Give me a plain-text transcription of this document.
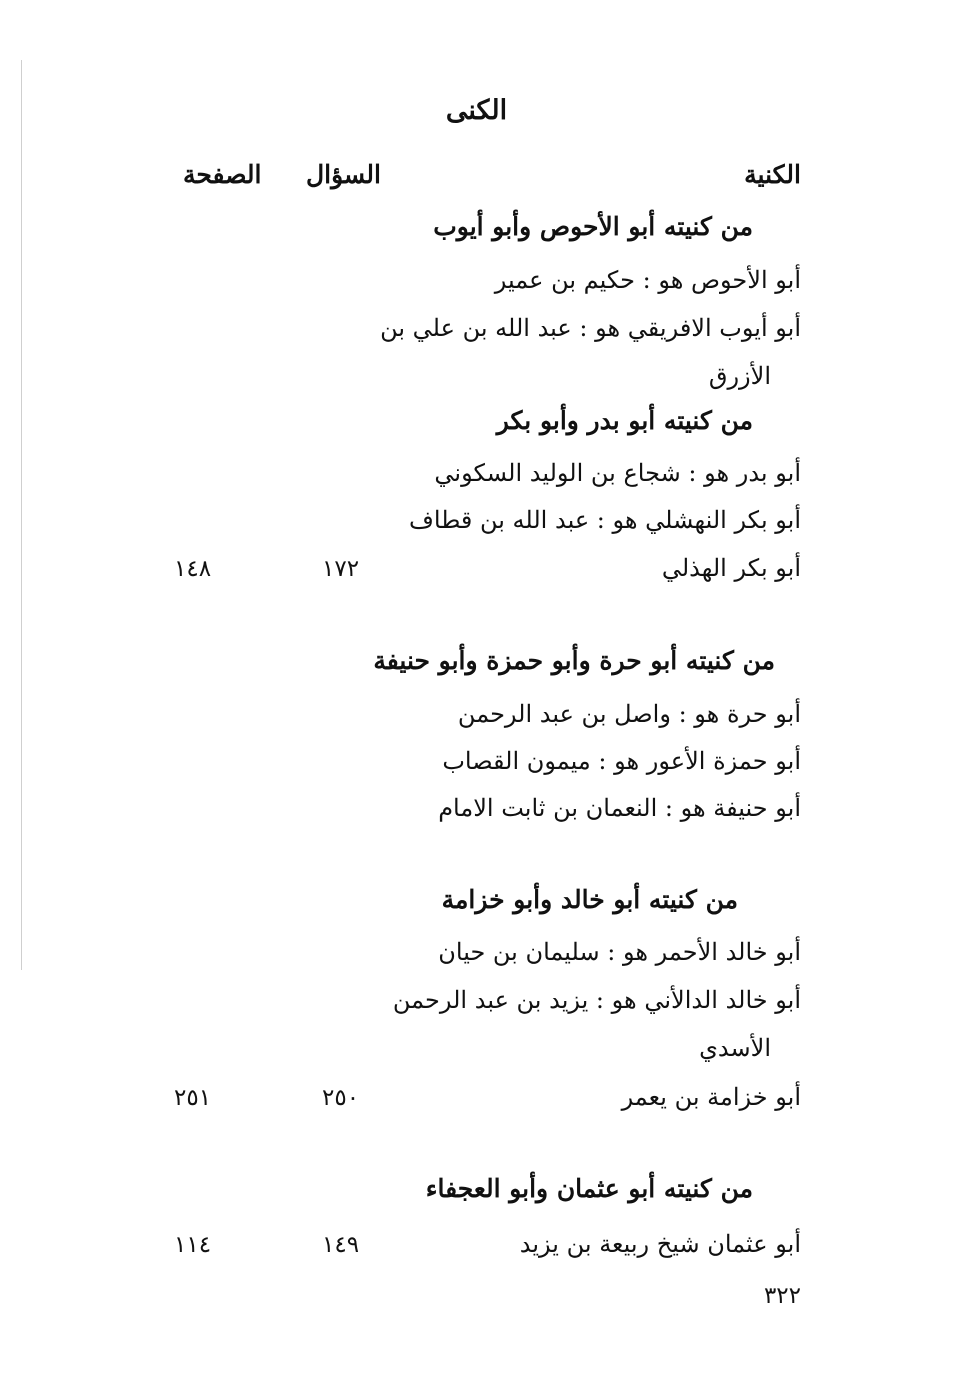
الكنى
الكنية
السؤال
الصفحة
من كنيته أبو الأحوص وأبو أيوب
أبو الأحوص هو : حكيم بن عمير
أبو أيوب الافريقي هو : عبد الله بن علي بن
الأزرق
من كنيته أبو بدر وأبو بكر
أبو بدر هو : شجاع بن الوليد السكوني
أبو بكر النهشلي هو : عبد الله بن قطاف
أبو بكر الهذلي
١٧٢
١٤٨
من كنيته أبو حرة وأبو حمزة وأبو حنيفة
أبو حرة هو : واصل بن عبد الرحمن
أبو حمزة الأعور هو : ميمون القصاب
أبو حنيفة هو : النعمان بن ثابت الامام
من كنيته أبو خالد وأبو خزامة
أبو خالد الأحمر هو : سليمان بن حيان
أبو خالد الدالأني هو : يزيد بن عبد الرحمن
الأسدي
أبو خزامة بن يعمر
٢٥٠
٢٥١
من كنيته أبو عثمان وأبو العجفاء
أبو عثمان شيخ ربيعة بن يزيد
١٤٩
١١٤
٣٢٢
